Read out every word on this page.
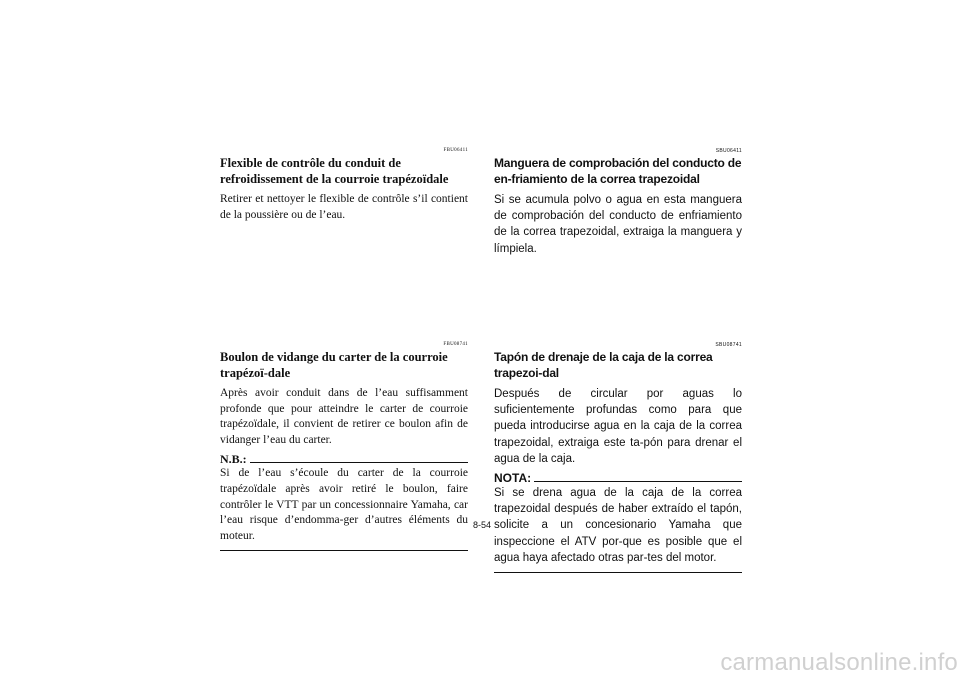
FBU06411
Flexible de contrôle du conduit de refroidissement de la courroie trapézoïdale

Retirer et nettoyer le flexible de contrôle s’il contient de la poussière ou de l’eau.

FBU08741
Boulon de vidange du carter de la courroie trapézoï-dale

Après avoir conduit dans de l’eau suffisamment profonde que pour atteindre le carter de courroie trapézoïdale, il convient de retirer ce boulon afin de vidanger l’eau du carter.

N.B.:

Si de l’eau s’écoule du carter de la courroie trapézoïdale après avoir retiré le boulon, faire contrôler le VTT par un concessionnaire Yamaha, car l’eau risque d’endomma-ger d’autres éléments du moteur.

SBU06411
Manguera de comprobación del conducto de en-friamiento de la correa trapezoidal

Si se acumula polvo o agua en esta manguera de comprobación del conducto de enfriamiento de la correa trapezoidal, extraiga la manguera y límpiela.

SBU08741
Tapón de drenaje de la caja de la correa trapezoi-dal

Después de circular por aguas lo suficientemente profundas como para que pueda introducirse agua en la caja de la correa trapezoidal, extraiga este ta-pón para drenar el agua de la caja.

NOTA:

Si se drena agua de la caja de la correa trapezoidal después de haber extraído el tapón, solicite a un concesionario Yamaha que inspeccione el ATV por-que es posible que el agua haya afectado otras par-tes del motor.

8-54
carmanualsonline.info
